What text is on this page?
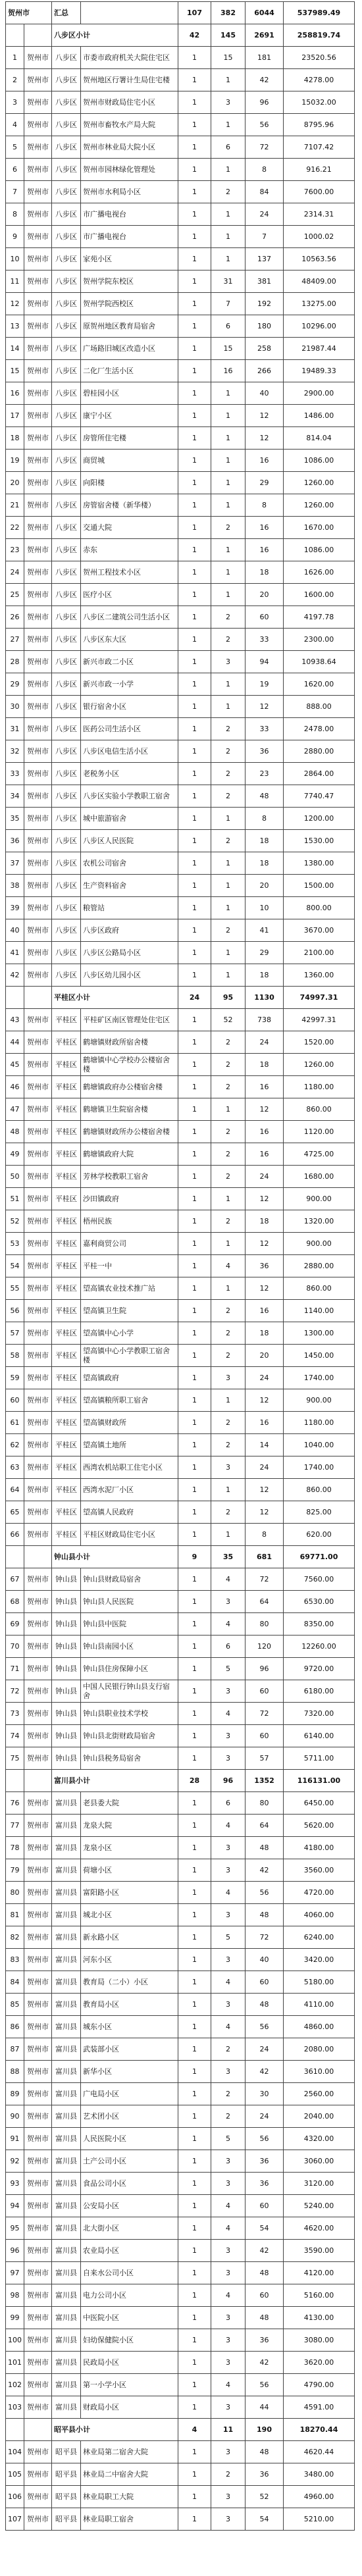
贺州市		汇总		107	382	6044	537989.49
		八步区小计		42	145	2691	258819.74
1	贺州市	八步区	市委市政府机关大院住宅区	1	15	181	23520.56
2	贺州市	八步区	贺州地区行署计生局住宅楼	1	1	42	4278.00
3	贺州市	八步区	贺州市财政局住宅小区	1	3	96	15032.00
4	贺州市	八步区	贺州市畜牧水产局大院	1	1	56	8795.96
5	贺州市	八步区	贺州市林业局大院小区	1	6	72	7107.42
6	贺州市	八步区	贺州市园林绿化管理处	1	1	8	916.21
7	贺州市	八步区	贺州市水利局小区	1	2	84	7600.00
8	贺州市	八步区	市广播电视台	1	1	24	2314.31
9	贺州市	八步区	市广播电视台	1	1	7	1000.02
10	贺州市	八步区	家苑小区	1	1	137	10563.56
11	贺州市	八步区	贺州学院东校区	1	31	381	48409.00
12	贺州市	八步区	贺州学院西校区	1	7	192	13275.00
13	贺州市	八步区	原贺州地区教育局宿舍	1	6	180	10296.00
14	贺州市	八步区	广场路旧城区改造小区	1	15	258	21987.44
15	贺州市	八步区	二化厂生活小区	1	16	266	19489.33
16	贺州市	八步区	碧桂园小区	1	1	40	2900.00
17	贺州市	八步区	康宁小区	1	1	12	1486.00
18	贺州市	八步区	房管所住宅楼	1	1	12	814.04
19	贺州市	八步区	商贸城	1	1	16	1086.00
20	贺州市	八步区	向阳楼	1	1	29	1260.00
21	贺州市	八步区	房管宿舍楼（新华楼）	1	1	8	1260.00
22	贺州市	八步区	交通大院	1	2	16	1670.00
23	贺州市	八步区	赤东	1	1	16	1086.00
24	贺州市	八步区	贺州工程技术小区	1	1	18	1626.00
25	贺州市	八步区	医疗小区	1	1	20	1600.00
26	贺州市	八步区	八步区二建筑公司生活小区	1	2	60	4197.78
27	贺州市	八步区	八步区东大区	1	2	33	2300.00
28	贺州市	八步区	新兴市政二小区	1	3	94	10938.64
29	贺州市	八步区	新兴市政一小学	1	1	19	1620.00
30	贺州市	八步区	银行宿舍小区	1	1	12	888.00
31	贺州市	八步区	医药公司生活小区	1	2	33	2478.00
32	贺州市	八步区	八步区电信生活小区	1	2	36	2880.00
33	贺州市	八步区	老税务小区	1	2	23	2864.00
34	贺州市	八步区	八步区实验小学教职工宿舍	1	2	48	7740.47
35	贺州市	八步区	城中旅游宿舍	1	1	8	1200.00
36	贺州市	八步区	八步区人民医院	1	2	18	1530.00
37	贺州市	八步区	农机公司宿舍	1	1	18	1380.00
38	贺州市	八步区	生产资料宿舍	1	1	20	1500.00
39	贺州市	八步区	粮管站	1	1	10	800.00
40	贺州市	八步区	八步区政府	1	2	41	3670.00
41	贺州市	八步区	八步区公路局小区	1	1	29	2100.00
42	贺州市	八步区	八步区幼儿园小区	1	1	18	1360.00
		平桂区小计		24	95	1130	74997.31
43	贺州市	平桂区	平桂矿区南区管理处住宅区	1	52	738	42997.31
44	贺州市	平桂区	鹤塘镇财政所宿舍楼	1	2	24	1520.00
45	贺州市	平桂区	鹤塘镇中心学校办公楼宿舍楼	1	2	18	1260.00
46	贺州市	平桂区	鹤塘镇政府办公楼宿舍楼	1	2	16	1180.00
47	贺州市	平桂区	鹤塘镇卫生院宿舍楼	1	1	12	860.00
48	贺州市	平桂区	鹤塘镇财政所办公楼宿舍楼	1	2	16	1120.00
49	贺州市	平桂区	鹤塘镇政府大院	1	2	16	4725.00
50	贺州市	平桂区	芳林学校教职工宿舍	1	2	24	1680.00
51	贺州市	平桂区	沙田镇政府	1	1	12	900.00
52	贺州市	平桂区	梧州民族	1	2	18	1320.00
53	贺州市	平桂区	嘉利商贸公司	1	1	12	900.00
54	贺州市	平桂区	平桂一中	1	4	36	2880.00
55	贺州市	平桂区	望高镇农业技术推广站	1	1	12	860.00
56	贺州市	平桂区	望高镇卫生院	1	2	16	1140.00
57	贺州市	平桂区	望高镇中心小学	1	2	18	1300.00
58	贺州市	平桂区	望高镇中心小学教职工宿舍楼	1	2	20	1450.00
59	贺州市	平桂区	望高镇政府	1	3	24	1740.00
60	贺州市	平桂区	望高镇粮所职工宿舍	1	1	12	900.00
61	贺州市	平桂区	望高镇财政所	1	2	16	1180.00
62	贺州市	平桂区	望高镇土地所	1	2	14	1040.00
63	贺州市	平桂区	西湾农机站职工住宅小区	1	3	24	1740.00
64	贺州市	平桂区	西湾水泥厂小区	1	1	12	860.00
65	贺州市	平桂区	望高镇人民政府	1	2	12	825.00
66	贺州市	平桂区	平桂区财政局住宅小区	1	1	8	620.00
		钟山县小计		9	35	681	69771.00
67	贺州市	钟山县	钟山县财政局宿舍	1	4	72	7560.00
68	贺州市	钟山县	钟山县人民医院	1	3	64	6530.00
69	贺州市	钟山县	钟山县中医院	1	4	80	8350.00
70	贺州市	钟山县	钟山县南园小区	1	6	120	12260.00
71	贺州市	钟山县	钟山县住房保障小区	1	5	96	9720.00
72	贺州市	钟山县	中国人民银行钟山县支行宿舍	1	3	60	6180.00
73	贺州市	钟山县	钟山县职业技术学校	1	4	72	7320.00
74	贺州市	钟山县	钟山县北街财政局宿舍	1	3	60	6140.00
75	贺州市	钟山县	钟山县税务局宿舍	1	3	57	5711.00
		富川县小计		28	96	1352	116131.00
76	贺州市	富川县	老县委大院	1	6	80	6450.00
77	贺州市	富川县	龙泉大院	1	4	64	5620.00
78	贺州市	富川县	龙泉小区	1	3	48	4180.00
79	贺州市	富川县	荷塘小区	1	3	42	3560.00
80	贺州市	富川县	富阳路小区	1	4	56	4720.00
81	贺州市	富川县	城北小区	1	3	48	4060.00
82	贺州市	富川县	新永路小区	1	5	72	6240.00
83	贺州市	富川县	河东小区	1	3	40	3420.00
84	贺州市	富川县	教育局（二小）小区	1	4	60	5180.00
85	贺州市	富川县	教育局小区	1	3	48	4110.00
86	贺州市	富川县	城东小区	1	4	56	4860.00
87	贺州市	富川县	武装部小区	1	2	24	2080.00
88	贺州市	富川县	新华小区	1	3	42	3610.00
89	贺州市	富川县	广电局小区	1	2	30	2560.00
90	贺州市	富川县	艺术团小区	1	2	24	2040.00
91	贺州市	富川县	人民医院小区	1	5	56	4320.00
92	贺州市	富川县	土产公司小区	1	3	36	3060.00
93	贺州市	富川县	食品公司小区	1	3	36	3120.00
94	贺州市	富川县	公安局小区	1	4	60	5240.00
95	贺州市	富川县	北大街小区	1	4	54	4620.00
96	贺州市	富川县	农业局小区	1	3	42	3590.00
97	贺州市	富川县	自来水公司小区	1	3	48	4120.00
98	贺州市	富川县	电力公司小区	1	4	60	5160.00
99	贺州市	富川县	中医院小区	1	3	48	4130.00
100	贺州市	富川县	妇幼保健院小区	1	3	36	3080.00
101	贺州市	富川县	民政局小区	1	3	42	3620.00
102	贺州市	富川县	第一小学小区	1	4	56	4790.00
103	贺州市	富川县	财政局小区	1	3	44	4591.00
		昭平县小计		4	11	190	18270.44
104	贺州市	昭平县	林业局第二宿舍大院	1	3	48	4620.44
105	贺州市	昭平县	林业局二中宿舍大院	1	2	36	3480.00
106	贺州市	昭平县	林业局职工大院	1	3	52	4960.00
107	贺州市	昭平县	林业局职工宿舍	1	3	54	5210.00
